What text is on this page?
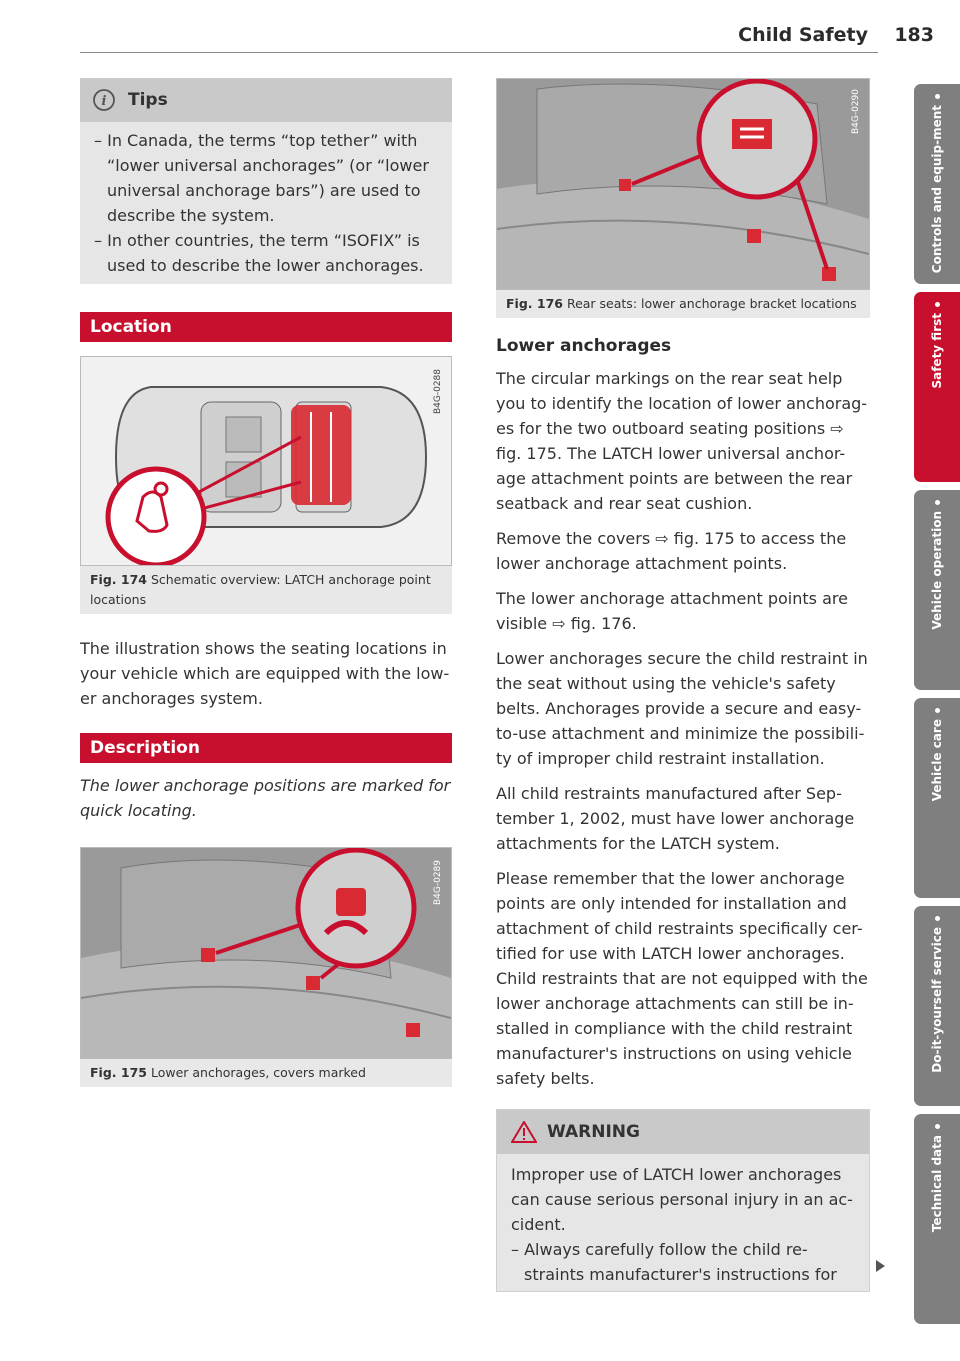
Child Safety 183
i Tips
– In Canada, the terms “top tether” with “lower universal anchorages” (or “lower universal anchorage bars”) are used to describe the system.
– In other countries, the term “ISOFIX” is used to describe the lower anchorages.
Location
B4G-0288
Fig. 174 Schematic overview: LATCH anchorage point locations

The illustration shows the seating locations in your vehicle which are equipped with the low-er anchorages system.

Description

The lower anchorage positions are marked for quick locating.

B4G-0289
Fig. 175 Lower anchorages, covers marked
B4G-0290
Fig. 176 Rear seats: lower anchorage bracket locations
Lower anchorages

The circular markings on the rear seat help you to identify the location of lower anchorag-es for the two outboard seating positions ⇨ fig. 175. The LATCH lower universal anchor-age attachment points are between the rear seatback and rear seat cushion.

Remove the covers ⇨ fig. 175 to access the lower anchorage attachment points.

The lower anchorage attachment points are visible ⇨ fig. 176.

Lower anchorages secure the child restraint in the seat without using the vehicle's safety belts. Anchorages provide a secure and easy-to-use attachment and minimize the possibili-ty of improper child restraint installation.

All child restraints manufactured after Sep-tember 1, 2002, must have lower anchorage attachments for the LATCH system.

Please remember that the lower anchorage points are only intended for installation and attachment of child restraints specifically cer-tified for use with LATCH lower anchorages. Child restraints that are not equipped with the lower anchorage attachments can still be in-stalled in compliance with the child restraint manufacturer's instructions on using vehicle safety belts.

WARNING

Improper use of LATCH lower anchorages can cause serious personal injury in an ac-cident.

– Always carefully follow the child re-straints manufacturer's instructions for
Controls and equip-ment
Safety first
Vehicle operation
Vehicle care
Do-it-yourself service
Technical data
